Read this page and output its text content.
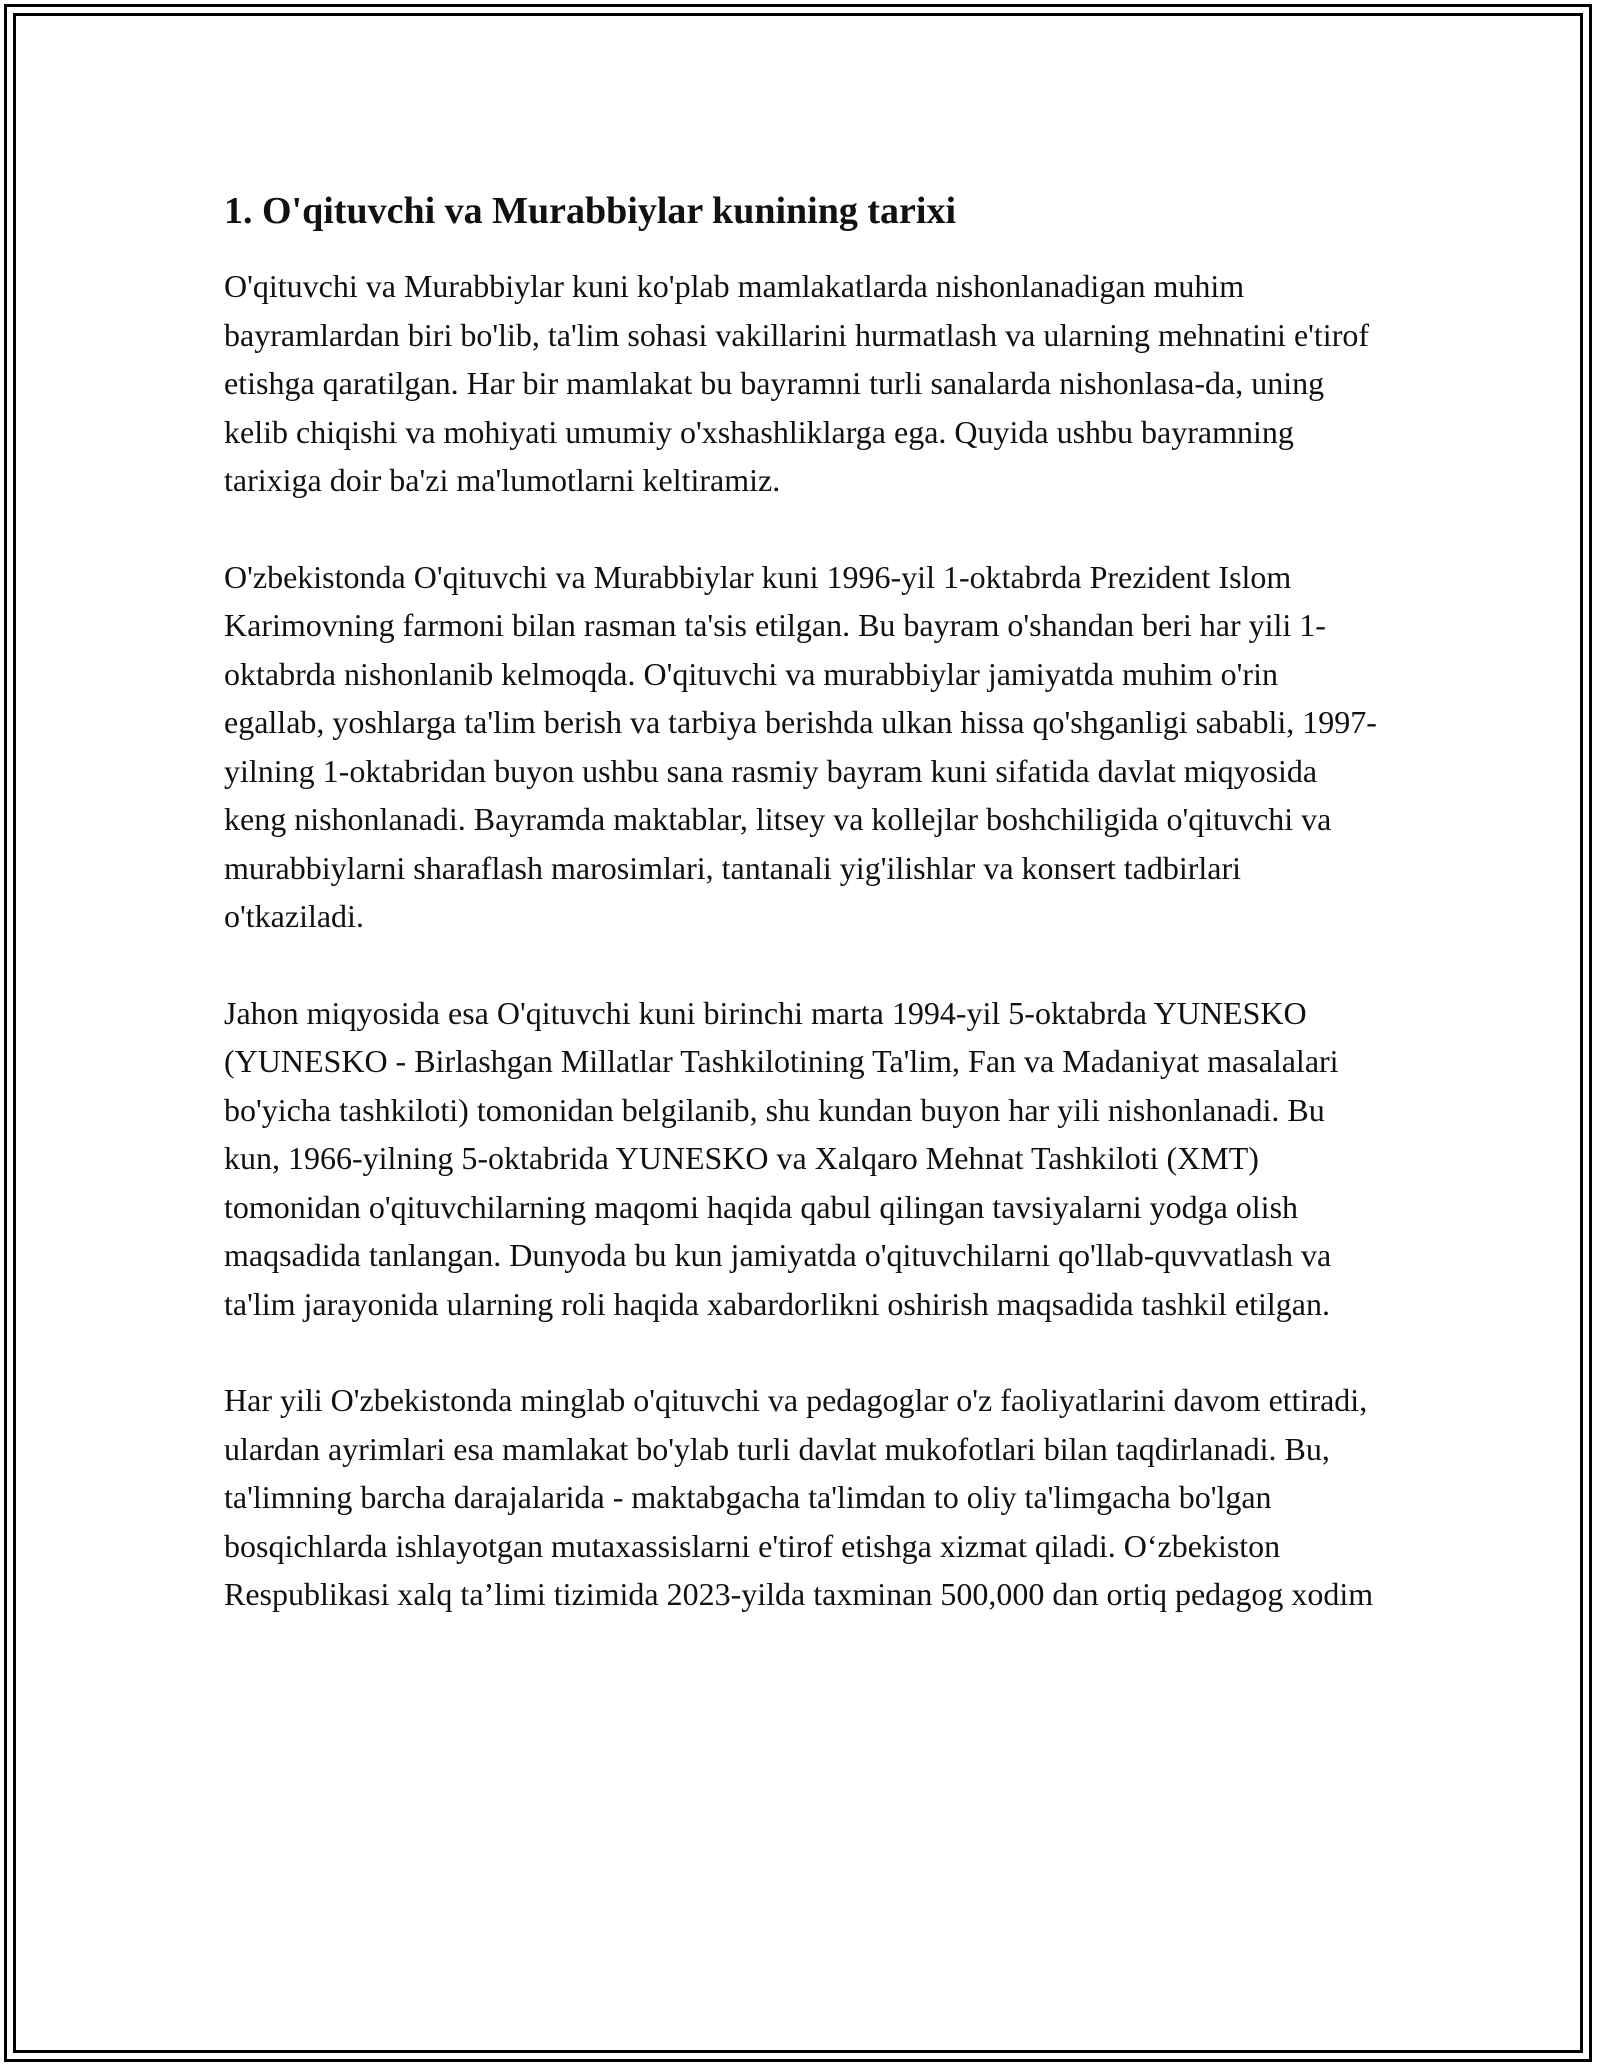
1. O'qituvchi va Murabbiylar kunining tarixi

O'qituvchi va Murabbiylar kuni ko'plab mamlakatlarda nishonlanadigan muhim bayramlardan biri bo'lib, ta'lim sohasi vakillarini hurmatlash va ularning mehnatini e'tirof etishga qaratilgan. Har bir mamlakat bu bayramni turli sanalarda nishonlasa-da, uning kelib chiqishi va mohiyati umumiy o'xshashliklarga ega. Quyida ushbu bayramning tarixiga doir ba'zi ma'lumotlarni keltiramiz.

O'zbekistonda O'qituvchi va Murabbiylar kuni 1996-yil 1-oktabrda Prezident Islom Karimovning farmoni bilan rasman ta'sis etilgan. Bu bayram o'shandan beri har yili 1-oktabrda nishonlanib kelmoqda. O'qituvchi va murabbiylar jamiyatda muhim o'rin egallab, yoshlarga ta'lim berish va tarbiya berishda ulkan hissa qo'shganligi sababli, 1997-yilning 1-oktabridan buyon ushbu sana rasmiy bayram kuni sifatida davlat miqyosida keng nishonlanadi. Bayramda maktablar, litsey va kollejlar boshchiligida o'qituvchi va murabbiylarni sharaflash marosimlari, tantanali yig'ilishlar va konsert tadbirlari o'tkaziladi.

Jahon miqyosida esa O'qituvchi kuni birinchi marta 1994-yil 5-oktabrda YUNESKO (YUNESKO - Birlashgan Millatlar Tashkilotining Ta'lim, Fan va Madaniyat masalalari bo'yicha tashkiloti) tomonidan belgilanib, shu kundan buyon har yili nishonlanadi. Bu kun, 1966-yilning 5-oktabrida YUNESKO va Xalqaro Mehnat Tashkiloti (XMT) tomonidan o'qituvchilarning maqomi haqida qabul qilingan tavsiyalarni yodga olish maqsadida tanlangan. Dunyoda bu kun jamiyatda o'qituvchilarni qo'llab-quvvatlash va ta'lim jarayonida ularning roli haqida xabardorlikni oshirish maqsadida tashkil etilgan.

Har yili O'zbekistonda minglab o'qituvchi va pedagoglar o'z faoliyatlarini davom ettiradi, ulardan ayrimlari esa mamlakat bo'ylab turli davlat mukofotlari bilan taqdirlanadi. Bu, ta'limning barcha darajalarida - maktabgacha ta'limdan to oliy ta'limgacha bo'lgan bosqichlarda ishlayotgan mutaxassislarni e'tirof etishga xizmat qiladi. O‘zbekiston Respublikasi xalq ta’limi tizimida 2023-yilda taxminan 500,000 dan ortiq pedagog xodim
